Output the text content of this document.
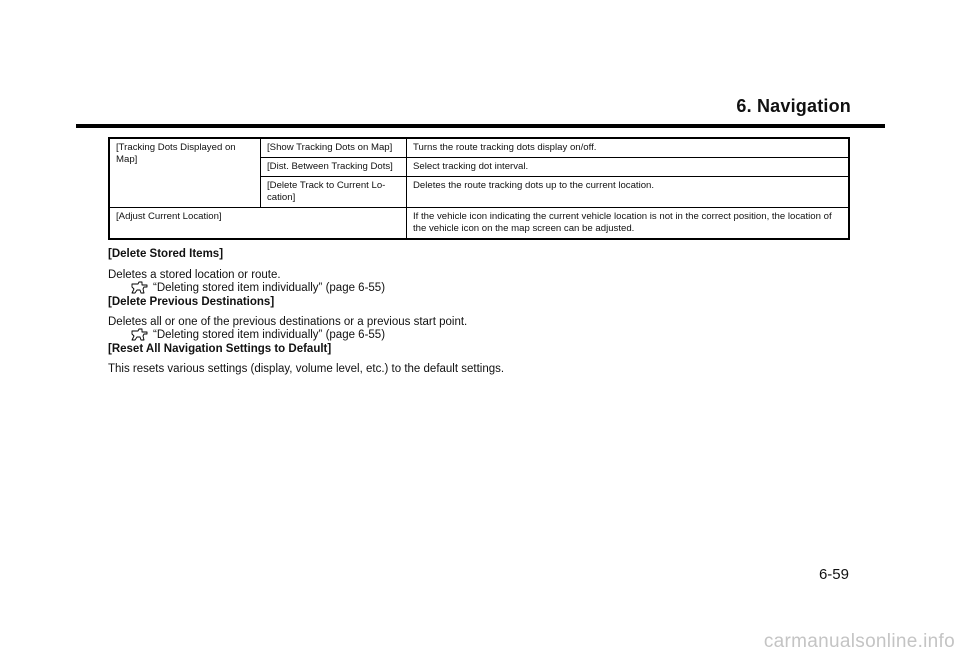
6. Navigation
[Tracking Dots Displayed on Map]	[Show Tracking Dots on Map]	Turns the route tracking dots display on/off.
	[Dist. Between Tracking Dots]	Select tracking dot interval.
	[Delete Track to Current Lo-cation]	Deletes the route tracking dots up to the current location.
[Adjust Current Location]		If the vehicle icon indicating the current vehicle location is not in the correct position, the location of the vehicle icon on the map screen can be adjusted.
[Delete Stored Items]
Deletes a stored location or route.
“Deleting stored item individually” (page 6-55)
[Delete Previous Destinations]
Deletes all or one of the previous destinations or a previous start point.
“Deleting stored item individually” (page 6-55)
[Reset All Navigation Settings to Default]
This resets various settings (display, volume level, etc.) to the default settings.

6-59

carmanualsonline.info
